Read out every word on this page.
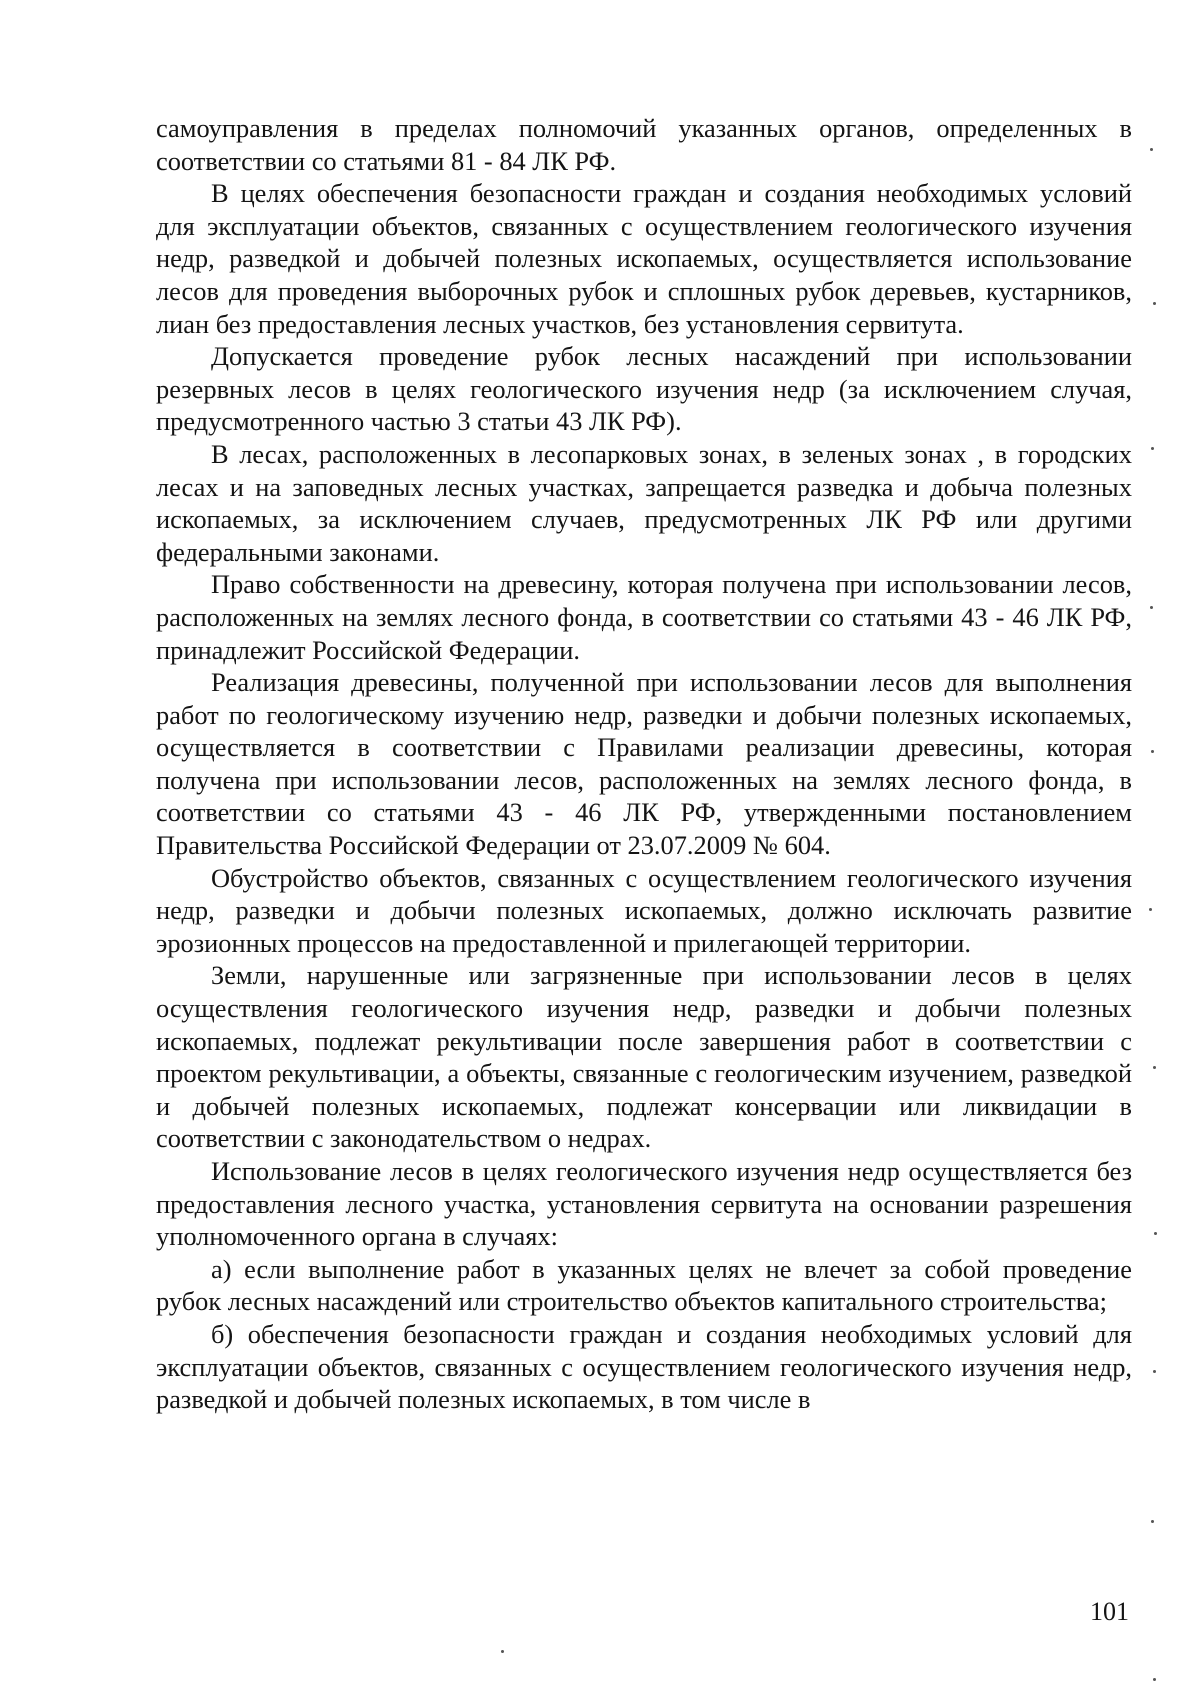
самоуправления в пределах полномочий указанных органов, определенных в соответствии со статьями 81 - 84 ЛК РФ.

В целях обеспечения безопасности граждан и создания необходимых условий для эксплуатации объектов, связанных с осуществлением геологического изучения недр, разведкой и добычей полезных ископаемых, осуществляется использование лесов для проведения выборочных рубок и сплошных рубок деревьев, кустарников, лиан без предоставления лесных участков, без установления сервитута.

Допускается проведение рубок лесных насаждений при использовании резервных лесов в целях геологического изучения недр (за исключением случая, предусмотренного частью 3 статьи 43 ЛК РФ).

В лесах, расположенных в лесопарковых зонах, в зеленых зонах , в городских лесах и на заповедных лесных участках, запрещается разведка и добыча полезных ископаемых, за исключением случаев, предусмотренных ЛК РФ или другими федеральными законами.

Право собственности на древесину, которая получена при использовании лесов, расположенных на землях лесного фонда, в соответствии со статьями 43 - 46 ЛК РФ, принадлежит Российской Федерации.

Реализация древесины, полученной при использовании лесов для выполнения работ по геологическому изучению недр, разведки и добычи полезных ископаемых, осуществляется в соответствии с Правилами реализации древесины, которая получена при использовании лесов, расположенных на землях лесного фонда, в соответствии со статьями 43 - 46 ЛК РФ, утвержденными постановлением Правительства Российской Федерации от 23.07.2009 № 604.

Обустройство объектов, связанных с осуществлением геологического изучения недр, разведки и добычи полезных ископаемых, должно исключать развитие эрозионных процессов на предоставленной и прилегающей территории.

Земли, нарушенные или загрязненные при использовании лесов в целях осуществления геологического изучения недр, разведки и добычи полезных ископаемых, подлежат рекультивации после завершения работ в соответствии с проектом рекультивации, а объекты, связанные с геологическим изучением, разведкой и добычей полезных ископаемых, подлежат консервации или ликвидации в соответствии с законодательством о недрах.

Использование лесов в целях геологического изучения недр осуществляется без предоставления лесного участка, установления сервитута на основании разрешения уполномоченного органа в случаях:

а) если выполнение работ в указанных целях не влечет за собой проведение рубок лесных насаждений или строительство объектов капитального строительства;

б) обеспечения безопасности граждан и создания необходимых условий для эксплуатации объектов, связанных с осуществлением геологического изучения недр, разведкой и добычей полезных ископаемых, в том числе в

101
